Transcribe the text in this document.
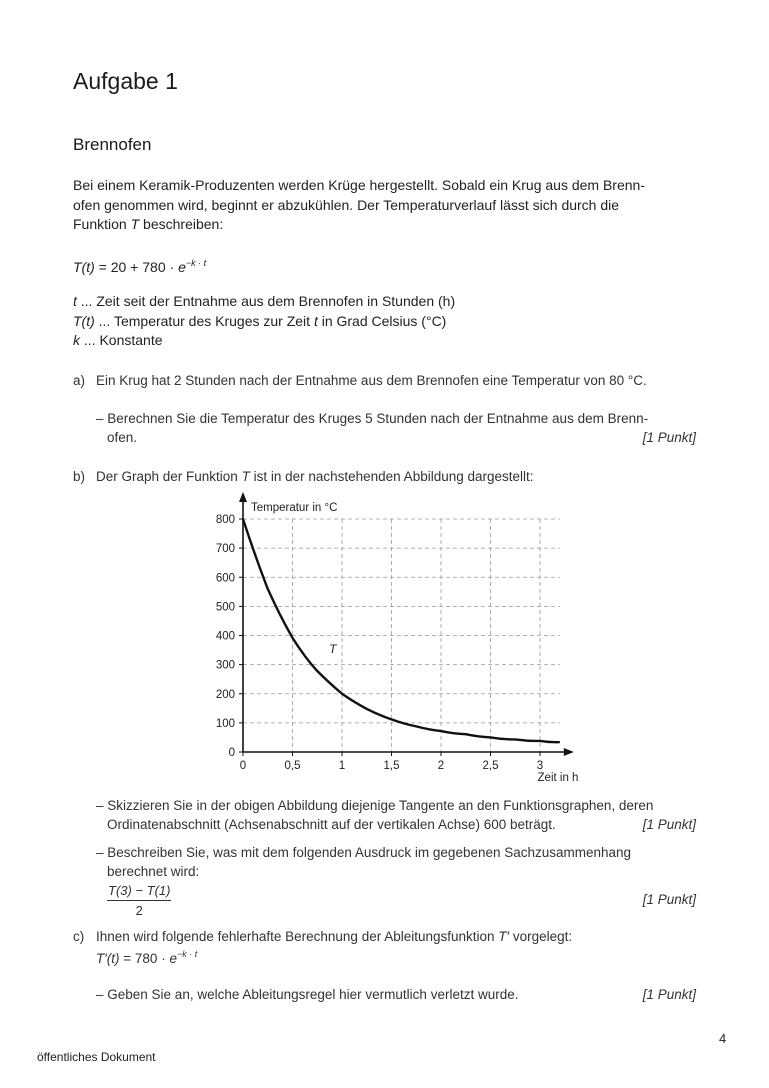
Aufgabe 1
Brennofen
Bei einem Keramik-Produzenten werden Krüge hergestellt. Sobald ein Krug aus dem Brenn-
ofen genommen wird, beginnt er abzukühlen. Der Temperaturverlauf lässt sich durch die
Funktion T beschreiben:
$T(t) = 20 + 780 \cdot e^{-k \cdot t}$
t ... Zeit seit der Entnahme aus dem Brennofen in Stunden (h)
T(t) ... Temperatur des Kruges zur Zeit t in Grad Celsius (°C)
k ... Konstante
a) Ein Krug hat 2 Stunden nach der Entnahme aus dem Brennofen eine Temperatur von 80 °C.
– Berechnen Sie die Temperatur des Kruges 5 Stunden nach der Entnahme aus dem Brenn-
ofen.	[1 Punkt]
b) Der Graph der Funktion T ist in der nachstehenden Abbildung dargestellt:
0	0,5	1	1,5	2	2,5	3
0
100
200
300
400
500
600
700
800
Temperatur in °C
Zeit in h
T
– Skizzieren Sie in der obigen Abbildung diejenige Tangente an den Funktionsgraphen, deren
Ordinatenabschnitt (Achsenabschnitt auf der vertikalen Achse) 600 beträgt.	[1 Punkt]
– Beschreiben Sie, was mit dem folgenden Ausdruck im gegebenen Sachzusammenhang
berechnet wird:
$\frac{T(3) - T(1)}{2}$	[1 Punkt]
c) Ihnen wird folgende fehlerhafte Berechnung der Ableitungsfunktion T′ vorgelegt:
$T'(t) = 780 \cdot e^{-k \cdot t}$
– Geben Sie an, welche Ableitungsregel hier vermutlich verletzt wurde.	[1 Punkt]
4
öffentliches Dokument
